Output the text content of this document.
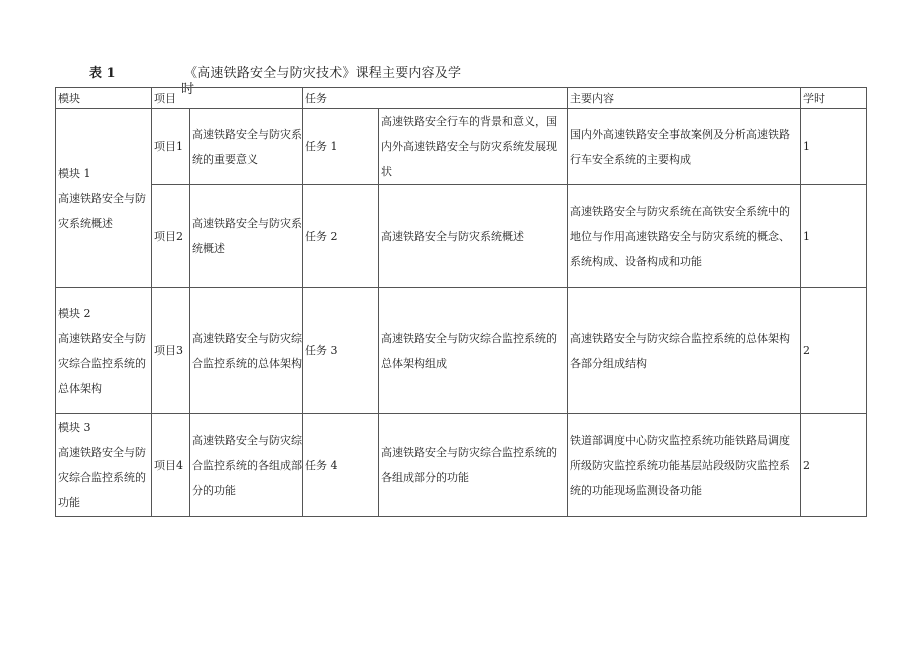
表 1	《高速铁路安全与防灾技术》课程主要内容及学
时
模块	项目		任务		主要内容	学时

模块 1
高速铁路安全与防灾系统概述	项目1	高速铁路安全与防灾系统的重要意义	任务 1	高速铁路安全行车的背景和意义，国内外高速铁路安全与防灾系统发展现状	国内外高速铁路安全事故案例及分析高速铁路行车安全系统的主要构成	1
	项目2	高速铁路安全与防灾系统概述	任务 2	高速铁路安全与防灾系统概述	高速铁路安全与防灾系统在高铁安全系统中的地位与作用高速铁路安全与防灾系统的概念、系统构成、设备构成和功能	1

模块 2
高速铁路安全与防灾综合监控系统的总体架构	项目3	高速铁路安全与防灾综合监控系统的总体架构	任务 3	高速铁路安全与防灾综合监控系统的总体架构组成	高速铁路安全与防灾综合监控系统的总体架构各部分组成结构	2

模块 3
高速铁路安全与防灾综合监控系统的功能	项目4	高速铁路安全与防灾综合监控系统的各组成部分的功能	任务 4	高速铁路安全与防灾综合监控系统的各组成部分的功能	铁道部调度中心防灾监控系统功能铁路局调度所级防灾监控系统功能基层站段级防灾监控系统的功能现场监测设备功能	2
